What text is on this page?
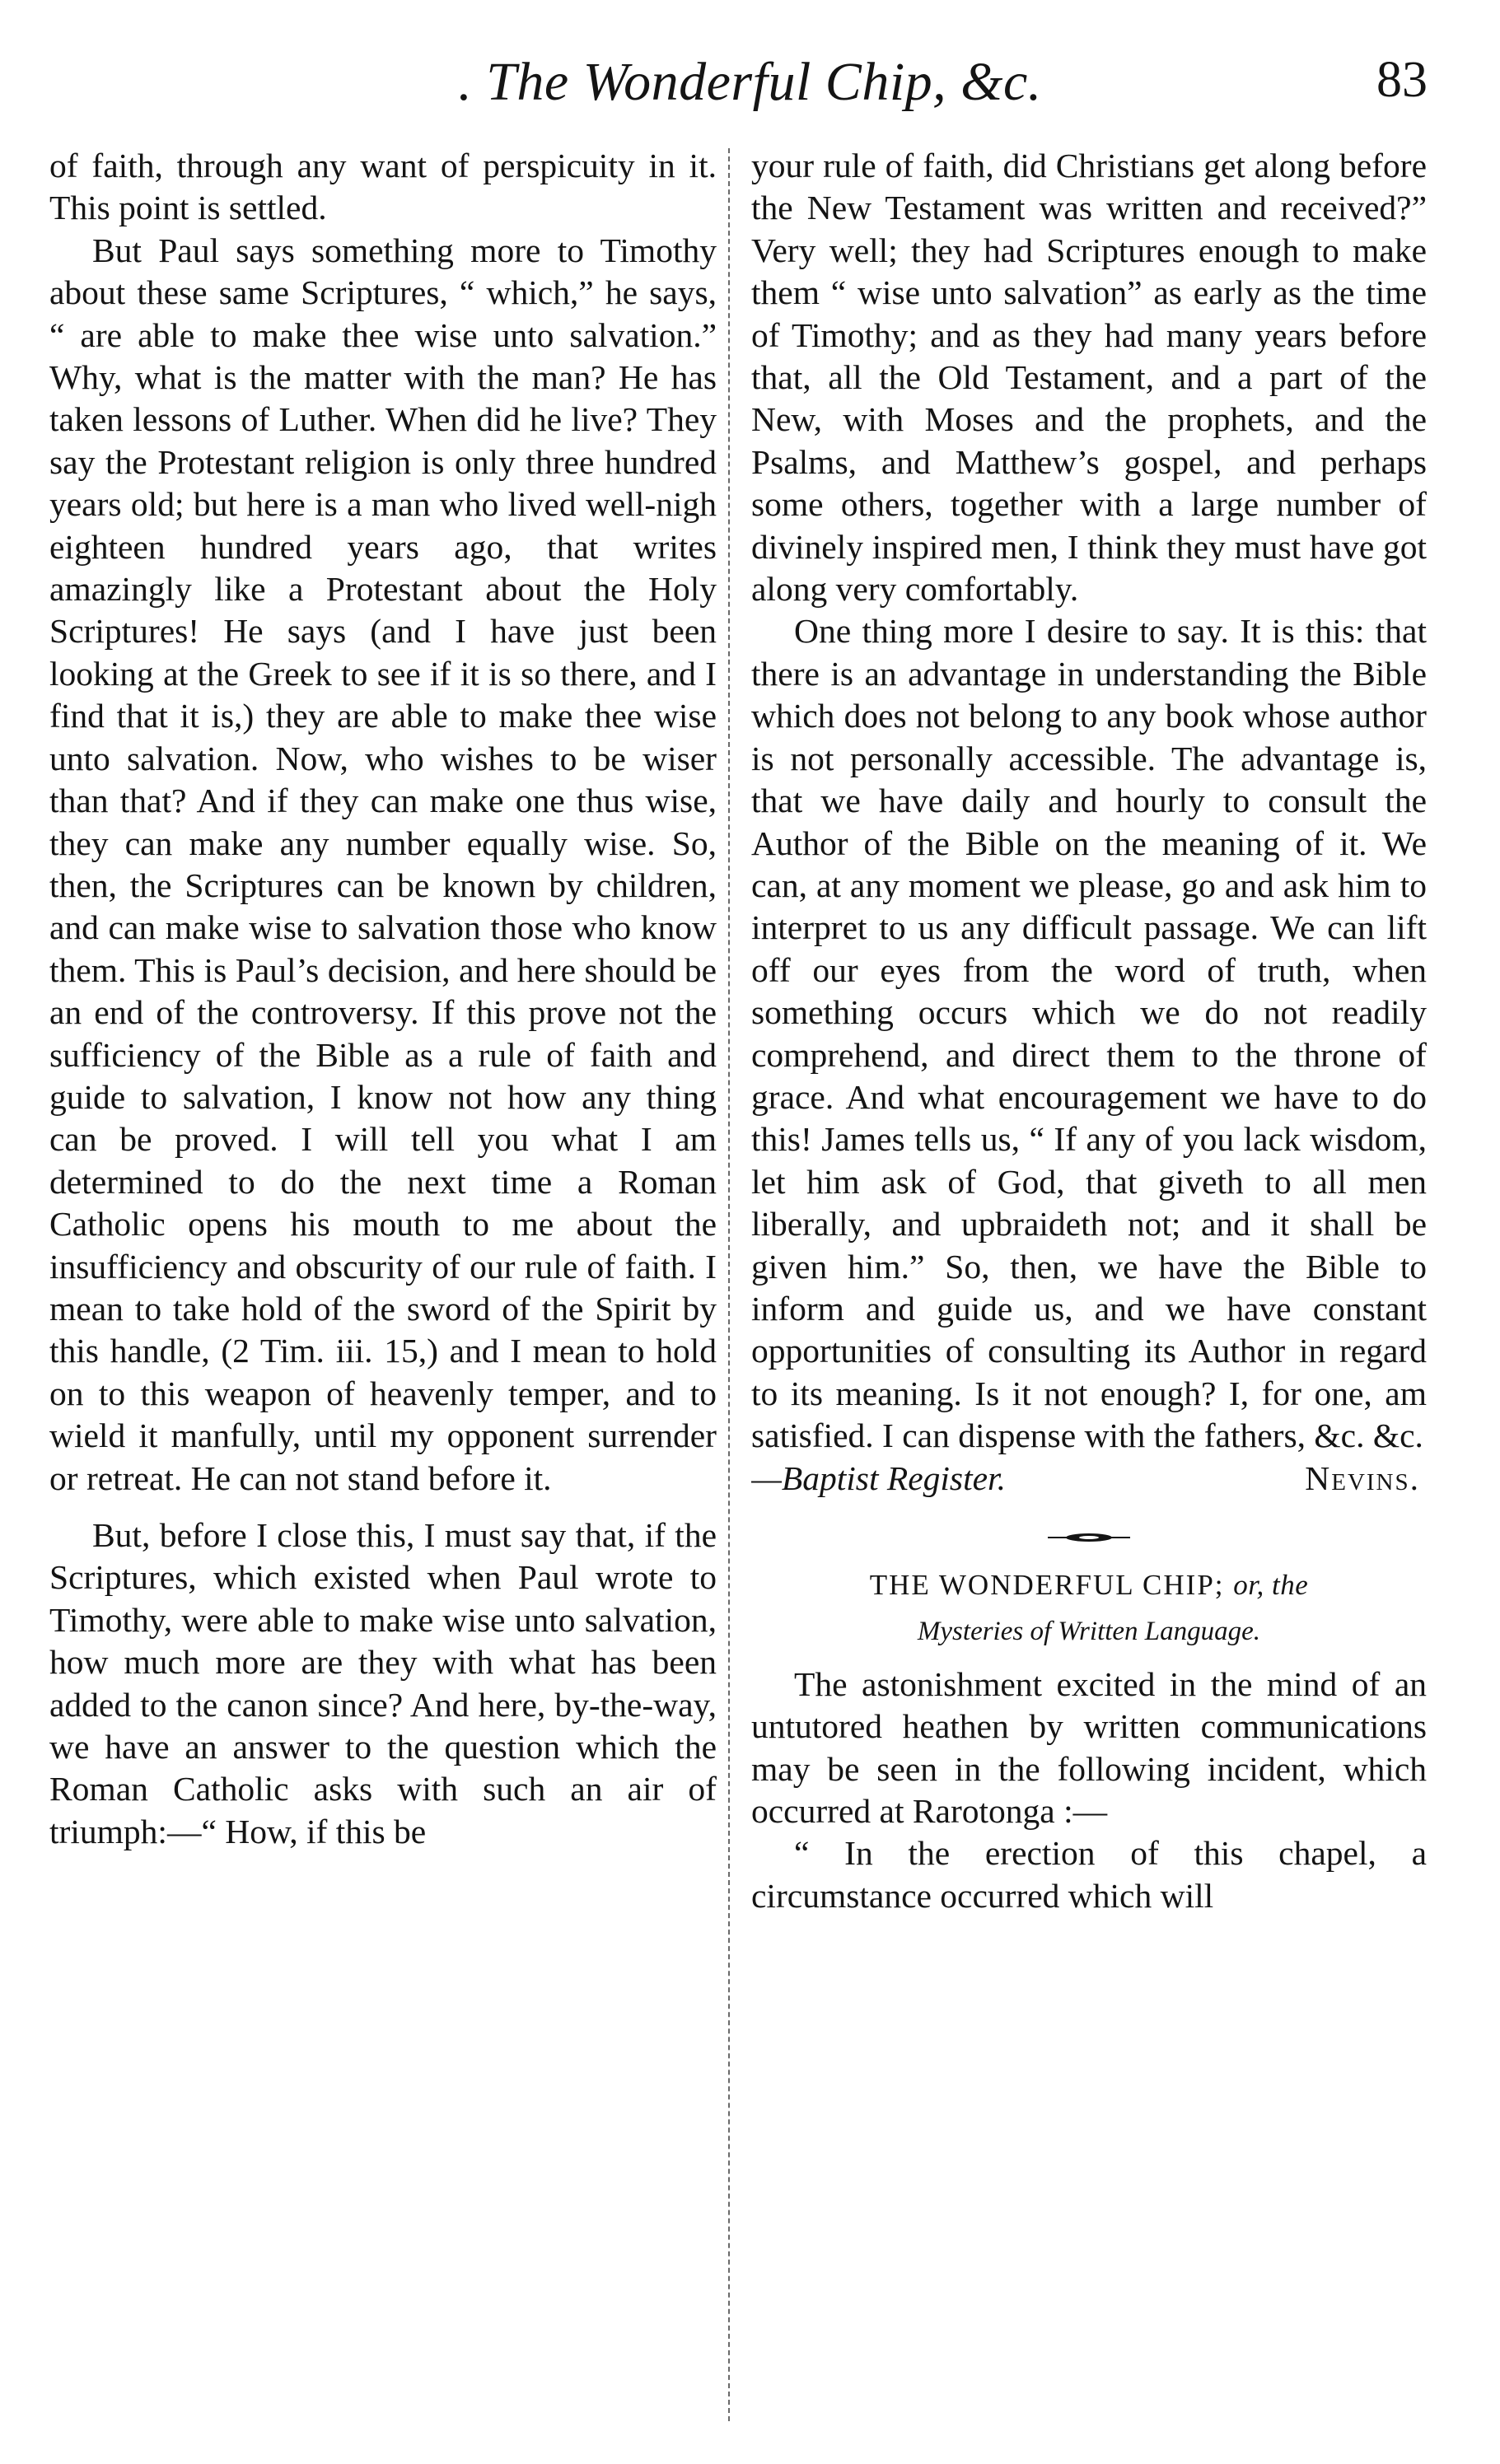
. The Wonderful Chip, &c.	83

of faith, through any want of perspicuity in it. This point is settled.

But Paul says something more to Timothy about these same Scriptures, “ which,” he says, “ are able to make thee wise unto salvation.” Why, what is the matter with the man? He has taken lessons of Luther. When did he live? They say the Protestant religion is only three hundred years old; but here is a man who lived well-nigh eighteen hundred years ago, that writes amazingly like a Protestant about the Holy Scriptures! He says (and I have just been looking at the Greek to see if it is so there, and I find that it is,) they are able to make thee wise unto salvation. Now, who wishes to be wiser than that? And if they can make one thus wise, they can make any number equally wise. So, then, the Scriptures can be known by children, and can make wise to salvation those who know them. This is Paul’s decision, and here should be an end of the controversy. If this prove not the sufficiency of the Bible as a rule of faith and guide to salvation, I know not how any thing can be proved. I will tell you what I am determined to do the next time a Roman Catholic opens his mouth to me about the insufficiency and obscurity of our rule of faith. I mean to take hold of the sword of the Spirit by this handle, (2 Tim. iii. 15,) and I mean to hold on to this weapon of heavenly temper, and to wield it manfully, until my opponent surrender or retreat. He can not stand before it.

But, before I close this, I must say that, if the Scriptures, which existed when Paul wrote to Timothy, were able to make wise unto salvation, how much more are they with what has been added to the canon since? And here, by-the-way, we have an answer to the question which the Roman Catholic asks with such an air of triumph:—“ How, if this be

your rule of faith, did Christians get along before the New Testament was written and received?” Very well; they had Scriptures enough to make them “ wise unto salvation” as early as the time of Timothy; and as they had many years before that, all the Old Testament, and a part of the New, with Moses and the prophets, and the Psalms, and Matthew’s gospel, and perhaps some others, together with a large number of divinely inspired men, I think they must have got along very comfortably.

One thing more I desire to say. It is this: that there is an advantage in understanding the Bible which does not belong to any book whose author is not personally accessible. The advantage is, that we have daily and hourly to consult the Author of the Bible on the meaning of it. We can, at any moment we please, go and ask him to interpret to us any difficult passage. We can lift off our eyes from the word of truth, when something occurs which we do not readily comprehend, and direct them to the throne of grace. And what encouragement we have to do this! James tells us, “ If any of you lack wisdom, let him ask of God, that giveth to all men liberally, and upbraideth not; and it shall be given him.” So, then, we have the Bible to inform and guide us, and we have constant opportunities of consulting its Author in regard to its meaning. Is it not enough? I, for one, am satisfied. I can dispense with the fathers, &c. &c.

—Baptist Register.	Nevins.
THE WONDERFUL CHIP; or, the
Mysteries of Written Language.

The astonishment excited in the mind of an untutored heathen by written communications may be seen in the following incident, which occurred at Rarotonga :—

“ In the erection of this chapel, a circumstance occurred which will
